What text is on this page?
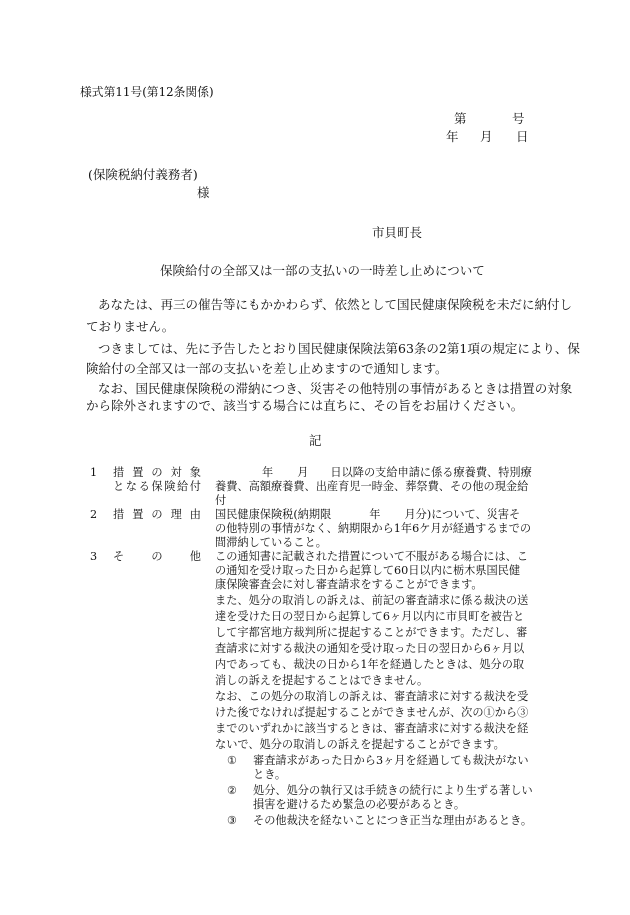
様式第11号(第12条関係)
第	号
年 月 日
(保険税納付義務者)
様
市貝町長
保険給付の全部又は一部の支払いの一時差し止めについて
あなたは、再三の催告等にもかかわらず、依然として国民健康保険税を未だに納付し
ておりません。
つきましては、先に予告したとおり国民健康保険法第63条の2第1項の規定により、保
険給付の全部又は一部の支払いを差し止めますので通知します。
なお、国民健康保険税の滞納につき、災害その他特別の事情があるときは措置の対象
から除外されますので、該当する場合には直ちに、その旨をお届けください。
記
1 措置の対象
となる保険給付
年 月 日以降の支給申請に係る療養費、特別療
養費、高額療養費、出産育児一時金、葬祭費、その他の現金給
付
2 措置の理由 国民健康保険税(納期限	年 月分)について、災害そ
の他特別の事情がなく、納期限から1年6ケ月が経過するまでの
間滞納していること。
3 その他 この通知書に記載された措置について不服がある場合には、こ
の通知を受け取った日から起算して60日以内に栃木県国民健
康保険審査会に対し審査請求をすることができます。
また、処分の取消しの訴えは、前記の審査請求に係る裁決の送
達を受けた日の翌日から起算して6ヶ月以内に市貝町を被告と
して宇都宮地方裁判所に提起することができます。ただし、審
査請求に対する裁決の通知を受け取った日の翌日から6ヶ月以
内であっても、裁決の日から1年を経過したときは、処分の取
消しの訴えを提起することはできません。
なお、この処分の取消しの訴えは、審査請求に対する裁決を受
けた後でなければ提起することができませんが、次の①から③
までのいずれかに該当するときは、審査請求に対する裁決を経
ないで、処分の取消しの訴えを提起することができます。
① 審査請求があった日から3ヶ月を経過しても裁決がない
とき。
② 処分、処分の執行又は手続きの続行により生ずる著しい
損害を避けるため緊急の必要があるとき。
③ その他裁決を経ないことにつき正当な理由があるとき。
